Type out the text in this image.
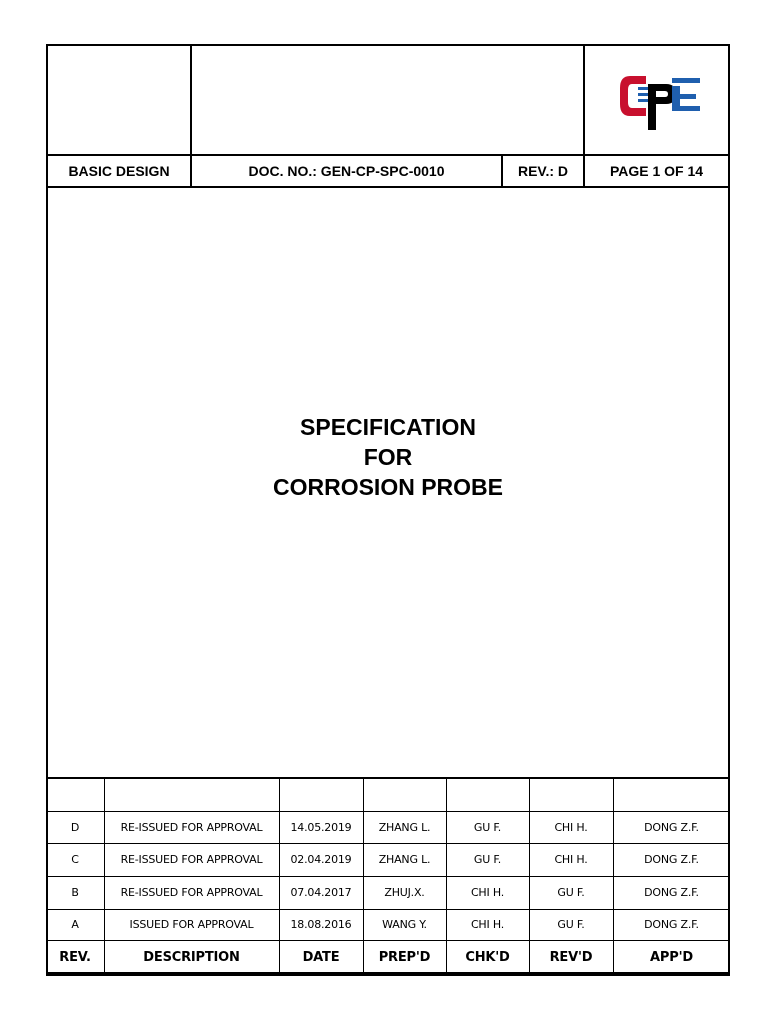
BASIC DESIGN	DOC. NO.: GEN-CP-SPC-0010	REV.: D	PAGE 1 OF 14
SPECIFICATION
FOR
CORROSION PROBE
D	RE-ISSUED FOR APPROVAL	14.05.2019	ZHANG L.	GU F.	CHI H.	DONG Z.F.
C	RE-ISSUED FOR APPROVAL	02.04.2019	ZHANG L.	GU F.	CHI H.	DONG Z.F.
B	RE-ISSUED FOR APPROVAL	07.04.2017	ZHUJ.X.	CHI H.	GU F.	DONG Z.F.
A	ISSUED FOR APPROVAL	18.08.2016	WANG Y.	CHI H.	GU F.	DONG Z.F.
REV.	DESCRIPTION	DATE	PREP'D	CHK'D	REV'D	APP'D
